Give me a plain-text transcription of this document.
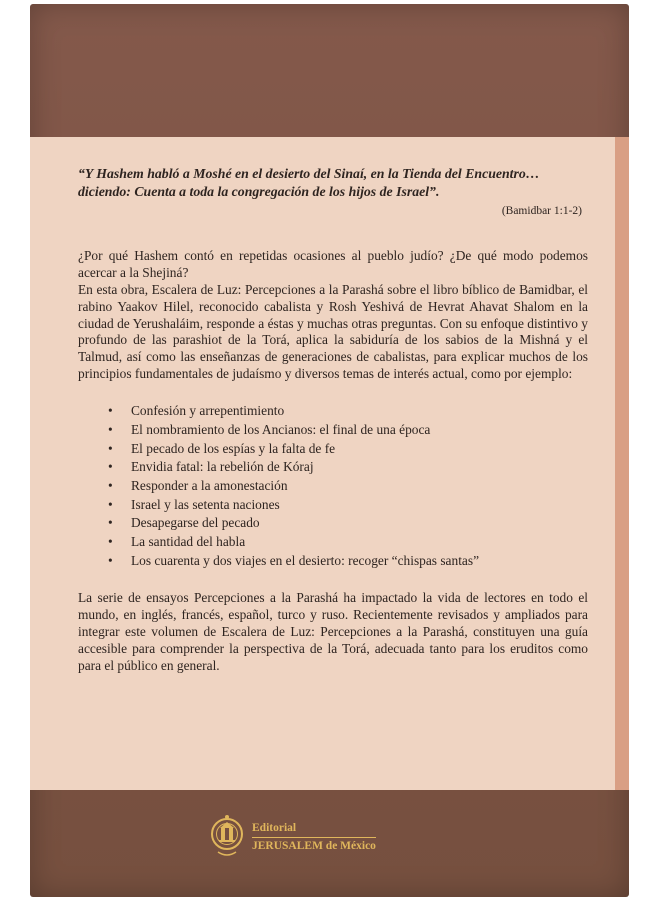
“Y Hashem habló a Moshé en el desierto del Sinaí, en la Tienda del Encuentro… diciendo: Cuenta a toda la congregación de los hijos de Israel”.

(Bamidbar 1:1-2)

¿Por qué Hashem contó en repetidas ocasiones al pueblo judío? ¿De qué modo podemos acercar a la Shejiná?

En esta obra, Escalera de Luz: Percepciones a la Parashá sobre el libro bíblico de Bamidbar, el rabino Yaakov Hilel, reconocido cabalista y Rosh Yeshivá de Hevrat Ahavat Shalom en la ciudad de Yerushaláim, responde a éstas y muchas otras preguntas. Con su enfoque distintivo y profundo de las parashiot de la Torá, aplica la sabiduría de los sabios de la Mishná y el Talmud, así como las enseñanzas de generaciones de cabalistas, para explicar muchos de los principios fundamentales de judaísmo y diversos temas de interés actual, como por ejemplo:

• Confesión y arrepentimiento
• El nombramiento de los Ancianos: el final de una época
• El pecado de los espías y la falta de fe
• Envidia fatal: la rebelión de Kóraj
• Responder a la amonestación
• Israel y las setenta naciones
• Desapegarse del pecado
• La santidad del habla
• Los cuarenta y dos viajes en el desierto: recoger “chispas santas”

La serie de ensayos Percepciones a la Parashá ha impactado la vida de lectores en todo el mundo, en inglés, francés, español, turco y ruso. Recientemente revisados y ampliados para integrar este volumen de Escalera de Luz: Percepciones a la Parashá, constituyen una guía accesible para comprender la perspectiva de la Torá, adecuada tanto para los eruditos como para el público en general.

Editorial
JERUSALEM de México
